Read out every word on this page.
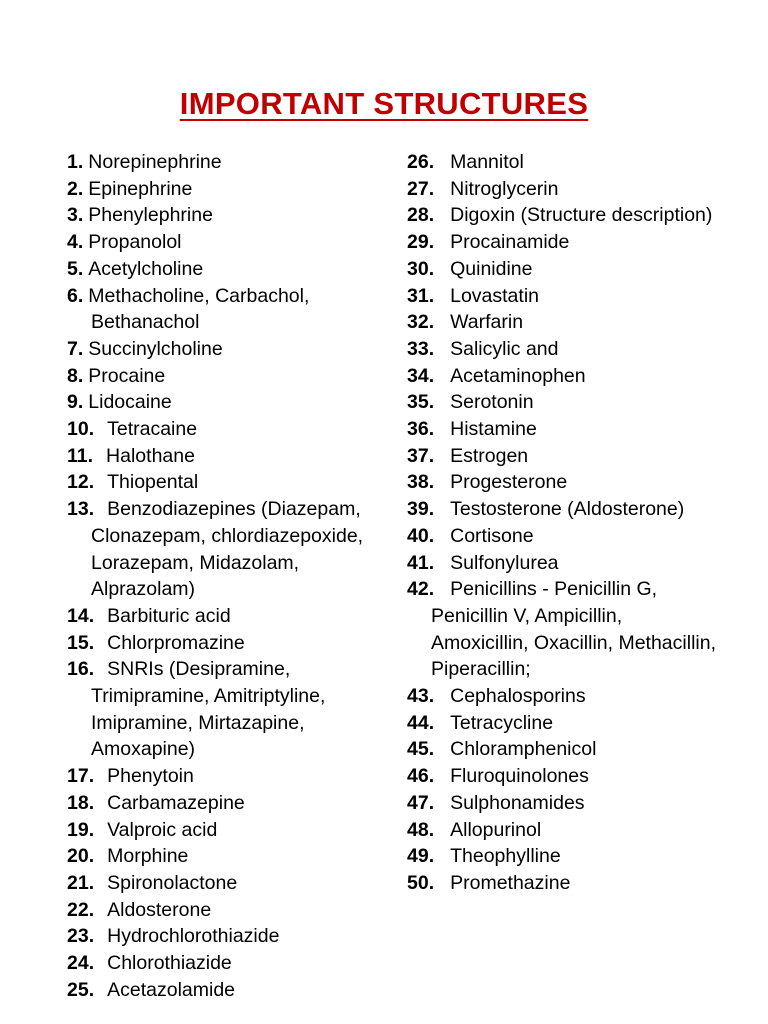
IMPORTANT STRUCTURES
1. Norepinephrine
2. Epinephrine
3. Phenylephrine
4. Propanolol
5. Acetylcholine
6. Methacholine, Carbachol,
Bethanachol
7. Succinylcholine
8. Procaine
9. Lidocaine
10. Tetracaine
11. Halothane
12. Thiopental
13. Benzodiazepines (Diazepam,
Clonazepam, chlordiazepoxide,
Lorazepam, Midazolam,
Alprazolam)
14. Barbituric acid
15. Chlorpromazine
16. SNRIs (Desipramine,
Trimipramine, Amitriptyline,
Imipramine, Mirtazapine,
Amoxapine)
17. Phenytoin
18. Carbamazepine
19. Valproic acid
20. Morphine
21. Spironolactone
22. Aldosterone
23. Hydrochlorothiazide
24. Chlorothiazide
25. Acetazolamide
26. Mannitol
27. Nitroglycerin
28. Digoxin (Structure description)
29. Procainamide
30. Quinidine
31. Lovastatin
32. Warfarin
33. Salicylic and
34. Acetaminophen
35. Serotonin
36. Histamine
37. Estrogen
38. Progesterone
39. Testosterone (Aldosterone)
40. Cortisone
41. Sulfonylurea
42. Penicillins - Penicillin G,
Penicillin V, Ampicillin,
Amoxicillin, Oxacillin, Methacillin,
Piperacillin;
43. Cephalosporins
44. Tetracycline
45. Chloramphenicol
46. Fluroquinolones
47. Sulphonamides
48. Allopurinol
49. Theophylline
50. Promethazine
